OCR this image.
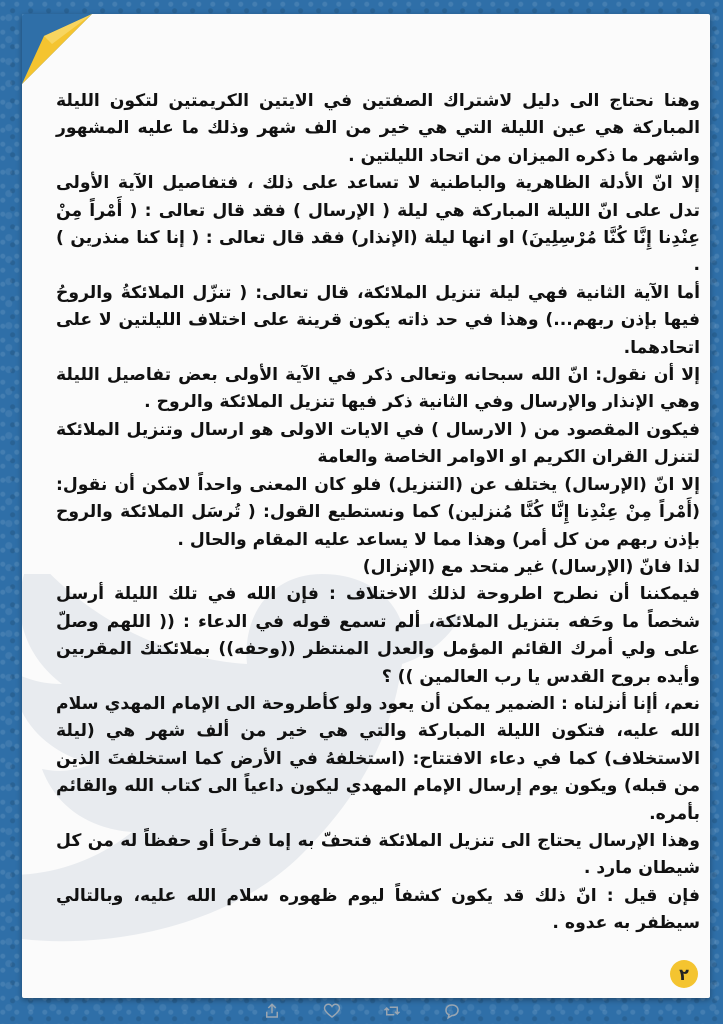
وهنا نحتاج الى دليل لاشتراك الصفتين في الايتين الكريمتين لتكون الليلة المباركة هي عين الليلة التي هي خير من الف شهر وذلك ما عليه المشهور واشهر ما ذكره الميزان من اتحاد الليلتين .

إلا انّ الأدلة الظاهرية والباطنية لا تساعد على ذلك ، فتفاصيل الآية الأولى تدل على انّ الليلة المباركة هي ليلة ( الإرسال ) فقد قال تعالى : ( أَمْراً مِنْ عِنْدِنا إِنَّا كُنَّا مُرْسِلِينَ) او انها ليلة (الإنذار) فقد قال تعالى : ( إنا كنا منذرين ) .

أما الآية الثانية فهي ليلة تنزيل الملائكة، قال تعالى: ( تنزّل الملائكةُ والروحُ فيها بإذن ربهم...) وهذا في حد ذاته يكون قرينة على اختلاف الليلتين لا على اتحادهما.

إلا أن نقول: انّ الله سبحانه وتعالى ذكر في الآية الأولى بعض تفاصيل الليلة وهي الإنذار والإرسال وفي الثانية ذكر فيها تنزيل الملائكة والروح .

فيكون المقصود من ( الارسال ) في الايات الاولى هو ارسال وتنزيل الملائكة لتنزل القران الكريم او الاوامر الخاصة والعامة

إلا انّ (الإرسال) يختلف عن (التنزيل) فلو كان المعنى واحداً لامكن أن نقول: (أَمْراً مِنْ عِنْدِنا إِنَّا كُنَّا مُنزلين) كما ونستطيع القول: ( تُرسَل الملائكة والروح بإذن ربهم من كل أمر) وهذا مما لا يساعد عليه المقام والحال .

لذا فانّ (الإرسال) غير متحد مع (الإنزال)

فيمكننا أن نطرح اطروحة لذلك الاختلاف : فإن الله في تلك الليلة أرسل شخصاً ما وحَفه بتنزيل الملائكة، ألم تسمع قوله في الدعاء : (( اللهم وصلّ على ولي أمرك القائم المؤمل والعدل المنتظر ((وحفه)) بملائكتك المقربين وأيده بروح القدس يا رب العالمين )) ؟

نعم، أإنا أنزلناه : الضمير يمكن أن يعود ولو كأطروحة الى الإمام المهدي سلام الله عليه، فتكون الليلة المباركة والتي هي خير من ألف شهر هي (ليلة الاستخلاف) كما في دعاء الافتتاح: (استخلفهُ في الأرض كما استخلفتَ الذين من قبله) ويكون يوم إرسال الإمام المهدي ليكون داعياً الى كتاب الله والقائم بأمره.

وهذا الإرسال يحتاج الى تنزيل الملائكة فتحفّ به إما فرحاً أو حفظاً له من كل شيطان مارد .

فإن قيل : انّ ذلك قد يكون كشفاً ليوم ظهوره سلام الله عليه، وبالتالي سيظفر به عدوه .

٢
